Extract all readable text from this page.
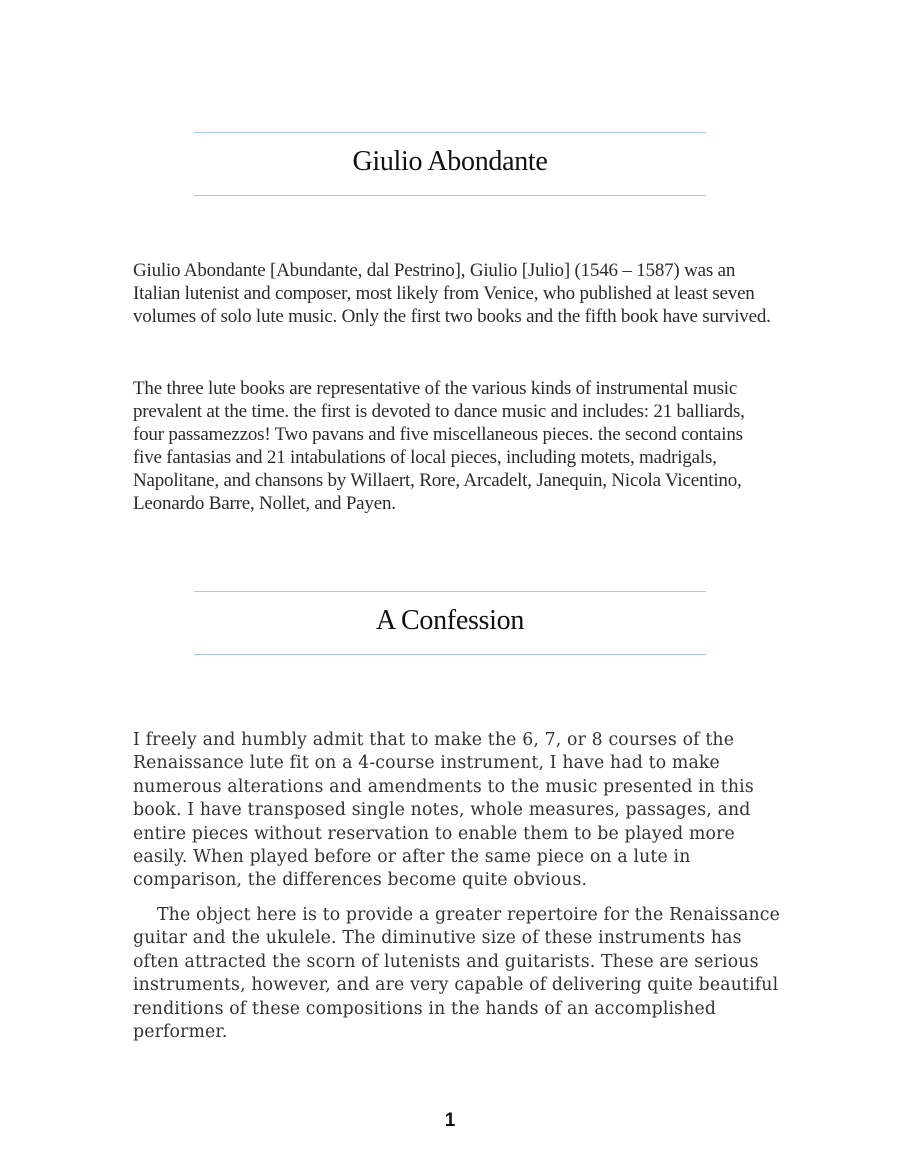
Giulio Abondante

Giulio Abondante [Abundante, dal Pestrino], Giulio [Julio] (1546 – 1587) was an Italian lutenist and composer, most likely from Venice, who published at least seven volumes of solo lute music. Only the first two books and the fifth book have survived.

The three lute books are representative of the various kinds of instrumental music prevalent at the time. the first is devoted to dance music and includes: 21 balliards, four passamezzos! Two pavans and five miscellaneous pieces. the second contains five fantasias and 21 intabulations of local pieces, including motets, madrigals, Napolitane, and chansons by Willaert, Rore, Arcadelt, Janequin, Nicola Vicentino, Leonardo Barre, Nollet, and Payen.

A Confession

I freely and humbly admit that to make the 6, 7, or 8 courses of the Renaissance lute fit on a 4-course instrument, I have had to make numerous alterations and amendments to the music presented in this book. I have transposed single notes, whole measures, passages, and entire pieces without reservation to enable them to be played more easily. When played before or after the same piece on a lute in comparison, the differences become quite obvious.

The object here is to provide a greater repertoire for the Renaissance guitar and the ukulele. The diminutive size of these instruments has often attracted the scorn of lutenists and guitarists. These are serious instruments, however, and are very capable of delivering quite beautiful renditions of these compositions in the hands of an accomplished performer.

1
